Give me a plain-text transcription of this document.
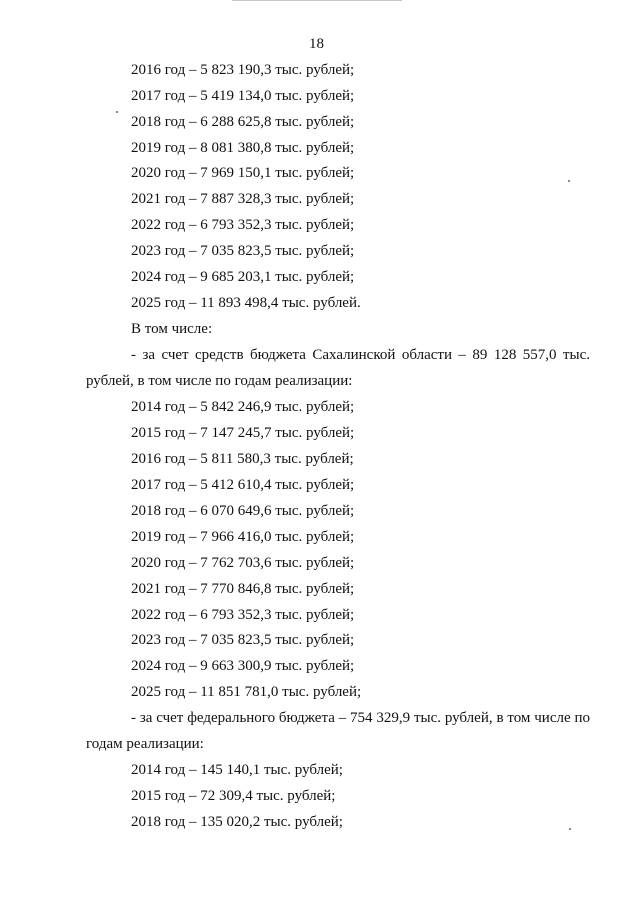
18
2016 год – 5 823 190,3 тыс. рублей;
2017 год – 5 419 134,0 тыс. рублей;
2018 год – 6 288 625,8 тыс. рублей;
2019 год – 8 081 380,8 тыс. рублей;
2020 год – 7 969 150,1 тыс. рублей;
2021 год – 7 887 328,3 тыс. рублей;
2022 год – 6 793 352,3 тыс. рублей;
2023 год – 7 035 823,5 тыс. рублей;
2024 год – 9 685 203,1 тыс. рублей;
2025 год – 11 893 498,4 тыс. рублей.
В том числе:
- за счет средств бюджета Сахалинской области – 89 128 557,0 тыс.
рублей, в том числе по годам реализации:
2014 год – 5 842 246,9 тыс. рублей;
2015 год – 7 147 245,7 тыс. рублей;
2016 год – 5 811 580,3 тыс. рублей;
2017 год – 5 412 610,4 тыс. рублей;
2018 год – 6 070 649,6 тыс. рублей;
2019 год – 7 966 416,0 тыс. рублей;
2020 год – 7 762 703,6 тыс. рублей;
2021 год – 7 770 846,8 тыс. рублей;
2022 год – 6 793 352,3 тыс. рублей;
2023 год – 7 035 823,5 тыс. рублей;
2024 год – 9 663 300,9 тыс. рублей;
2025 год – 11 851 781,0 тыс. рублей;
- за счет федерального бюджета – 754 329,9 тыс. рублей, в том числе по
годам реализации:
2014 год – 145 140,1 тыс. рублей;
2015 год – 72 309,4 тыс. рублей;
2018 год – 135 020,2 тыс. рублей;
